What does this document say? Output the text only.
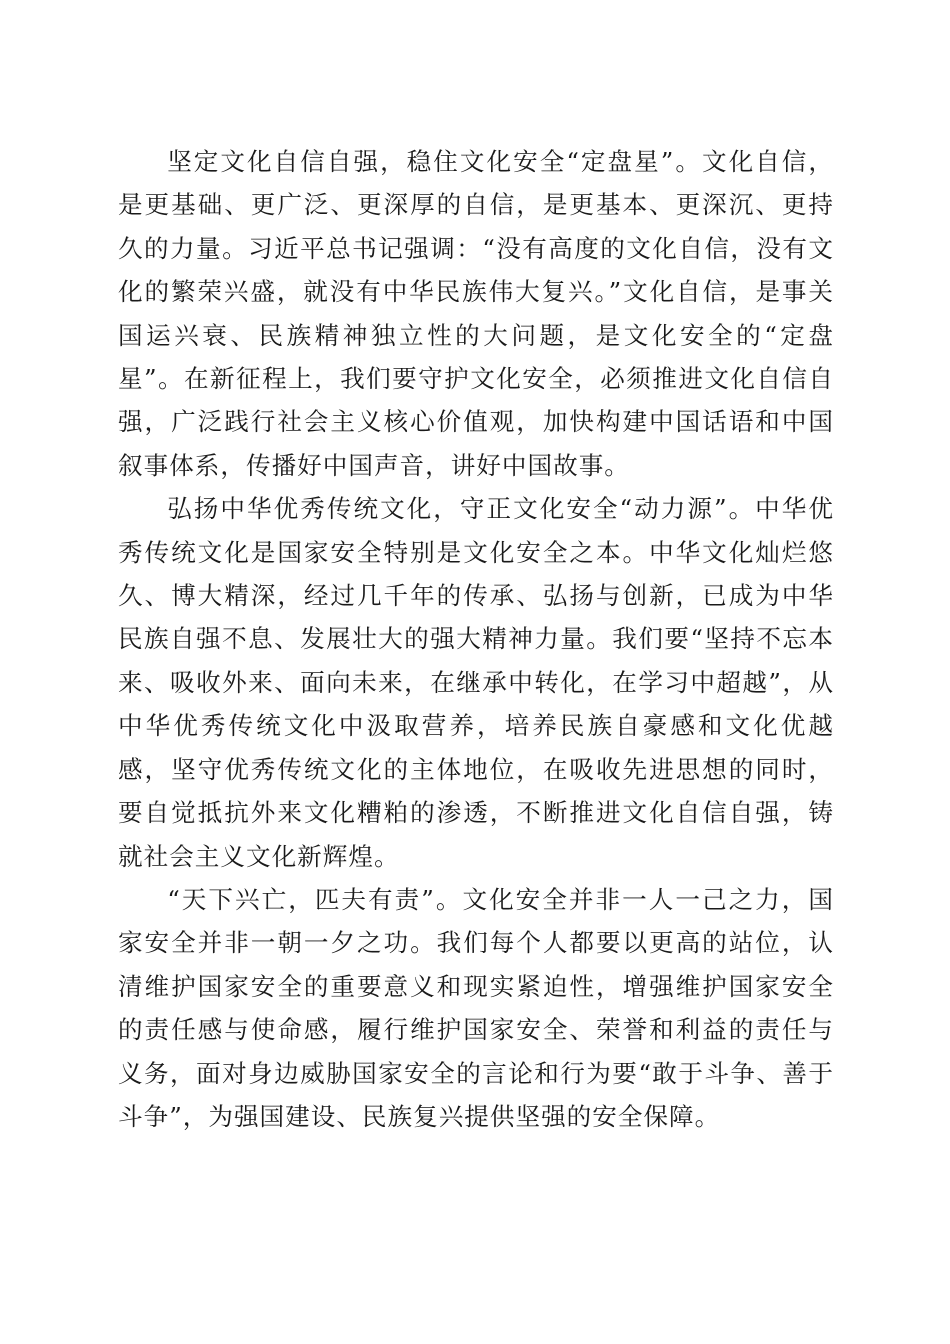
坚定文化自信自强，稳住文化安全“定盘星”。文化自信，是更基础、更广泛、更深厚的自信，是更基本、更深沉、更持久的力量。习近平总书记强调：“没有高度的文化自信，没有文化的繁荣兴盛，就没有中华民族伟大复兴。”文化自信，是事关国运兴衰、民族精神独立性的大问题，是文化安全的“定盘星”。在新征程上，我们要守护文化安全，必须推进文化自信自强，广泛践行社会主义核心价值观，加快构建中国话语和中国叙事体系，传播好中国声音，讲好中国故事。

弘扬中华优秀传统文化，守正文化安全“动力源”。中华优秀传统文化是国家安全特别是文化安全之本。中华文化灿烂悠久、博大精深，经过几千年的传承、弘扬与创新，已成为中华民族自强不息、发展壮大的强大精神力量。我们要“坚持不忘本来、吸收外来、面向未来，在继承中转化，在学习中超越”，从中华优秀传统文化中汲取营养，培养民族自豪感和文化优越感，坚守优秀传统文化的主体地位，在吸收先进思想的同时，要自觉抵抗外来文化糟粕的渗透，不断推进文化自信自强，铸就社会主义文化新辉煌。

“天下兴亡，匹夫有责”。文化安全并非一人一己之力，国家安全并非一朝一夕之功。我们每个人都要以更高的站位，认清维护国家安全的重要意义和现实紧迫性，增强维护国家安全的责任感与使命感，履行维护国家安全、荣誉和利益的责任与义务，面对身边威胁国家安全的言论和行为要“敢于斗争、善于斗争”，为强国建设、民族复兴提供坚强的安全保障。
